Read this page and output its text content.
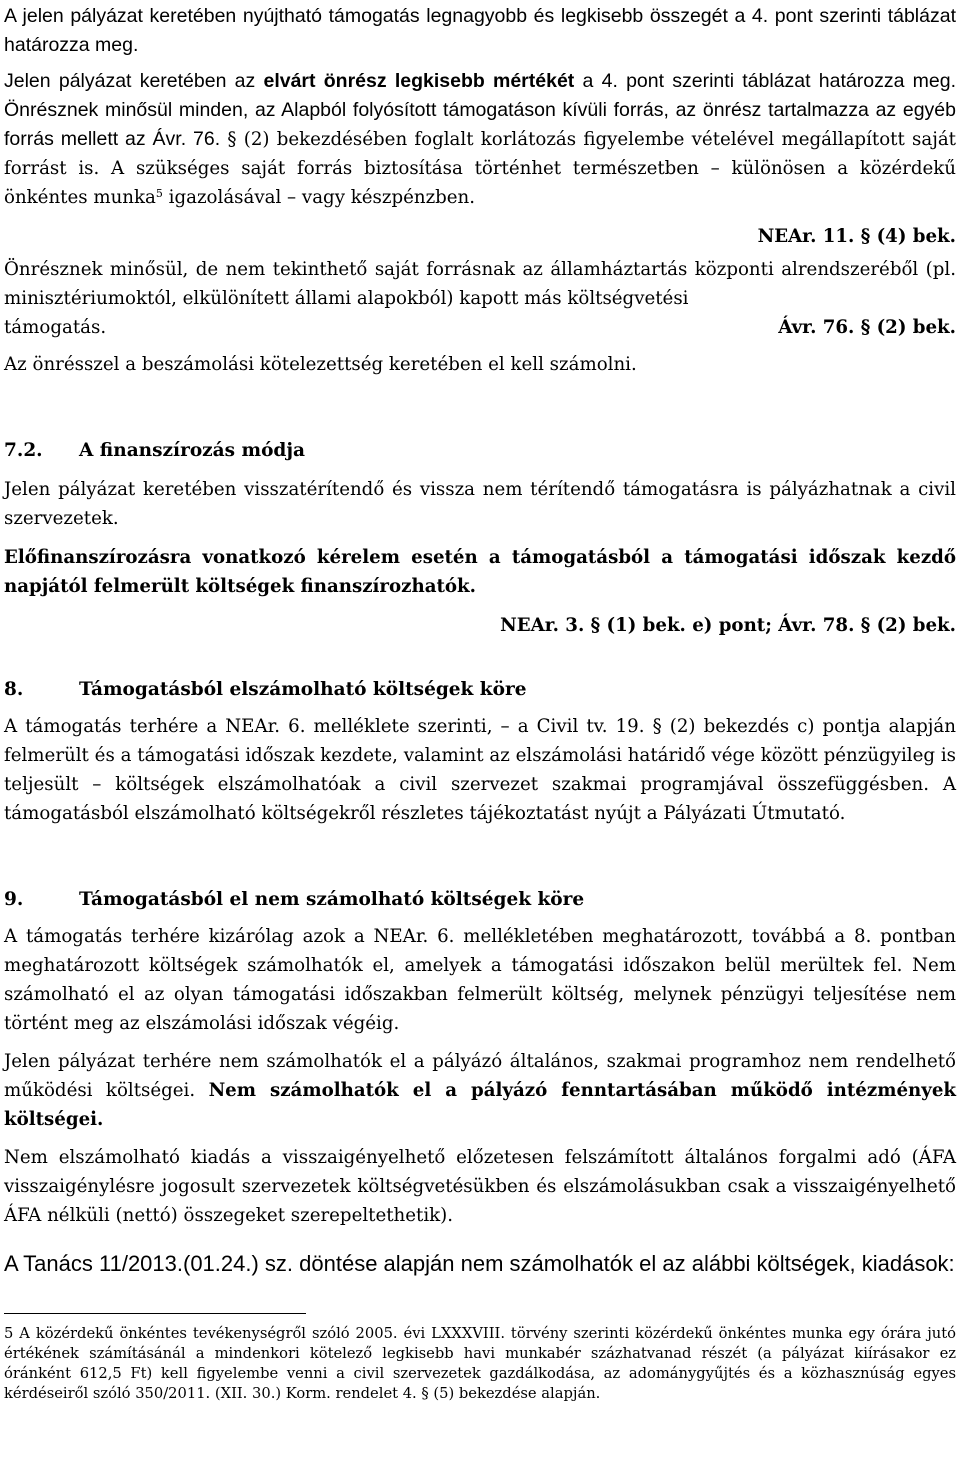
A jelen pályázat keretében nyújtható támogatás legnagyobb és legkisebb összegét a 4. pont szerinti táblázat határozza meg.

Jelen pályázat keretében az elvárt önrész legkisebb mértékét a 4. pont szerinti táblázat határozza meg. Önrésznek minősül minden, az Alapból folyósított támogatáson kívüli forrás, az önrész tartalmazza az egyéb forrás mellett az Ávr. 76. § (2) bekezdésében foglalt korlátozás figyelembe vételével megállapított saját forrást is. A szükséges saját forrás biztosítása történhet természetben – különösen a közérdekű önkéntes munka$^5$ igazolásával – vagy készpénzben.

NEAr. 11. § (4) bek.

Önrésznek minősül, de nem tekinthető saját forrásnak az államháztartás központi alrendszeréből (pl. minisztériumoktól, elkülönített állami alapokból) kapott más költségvetési

támogatás.	Ávr. 76. § (2) bek.

Az önrésszel a beszámolási kötelezettség keretében el kell számolni.

7.2.	A finanszírozás módja

Jelen pályázat keretében visszatérítendő és vissza nem térítendő támogatásra is pályázhatnak a civil szervezetek.

Előfinanszírozásra vonatkozó kérelem esetén a támogatásból a támogatási időszak kezdő napjától felmerült költségek finanszírozhatók.

NEAr. 3. § (1) bek. e) pont; Ávr. 78. § (2) bek.

8.	Támogatásból elszámolható költségek köre

A támogatás terhére a NEAr. 6. melléklete szerinti, – a Civil tv. 19. § (2) bekezdés c) pontja alapján felmerült és a támogatási időszak kezdete, valamint az elszámolási határidő vége között pénzügyileg is teljesült – költségek elszámolhatóak a civil szervezet szakmai programjával összefüggésben. A támogatásból elszámolható költségekről részletes tájékoztatást nyújt a Pályázati Útmutató.

9.	Támogatásból el nem számolható költségek köre

A támogatás terhére kizárólag azok a NEAr. 6. mellékletében meghatározott, továbbá a 8. pontban meghatározott költségek számolhatók el, amelyek a támogatási időszakon belül merültek fel. Nem számolható el az olyan támogatási időszakban felmerült költség, melynek pénzügyi teljesítése nem történt meg az elszámolási időszak végéig.

Jelen pályázat terhére nem számolhatók el a pályázó általános, szakmai programhoz nem rendelhető működési költségei. Nem számolhatók el a pályázó fenntartásában működő intézmények költségei.

Nem elszámolható kiadás a visszaigényelhető előzetesen felszámított általános forgalmi adó (ÁFA visszaigénylésre jogosult szervezetek költségvetésükben és elszámolásukban csak a visszaigényelhető ÁFA nélküli (nettó) összegeket szerepeltethetik).

A Tanács 11/2013.(01.24.) sz. döntése alapján nem számolhatók el az alábbi költségek, kiadások:

5 A közérdekű önkéntes tevékenységről szóló 2005. évi LXXXVIII. törvény szerinti közérdekű önkéntes munka egy órára jutó értékének számításánál a mindenkori kötelező legkisebb havi munkabér százhatvanad részét (a pályázat kiírásakor ez óránként 612,5 Ft) kell figyelembe venni a civil szervezetek gazdálkodása, az adománygyűjtés és a közhasznúság egyes kérdéseiről szóló 350/2011. (XII. 30.) Korm. rendelet 4. § (5) bekezdése alapján.
